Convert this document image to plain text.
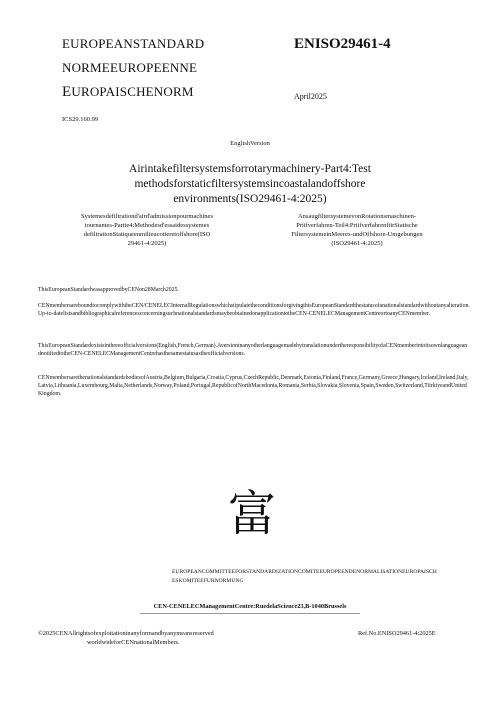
EUROPEANSTANDARD
NORMEEUROPEENNE
EUROPAISCHENORM
ENISO29461-4
April2025
ICS29.160.99
EnglishVersion
Airintakefiltersystemsforrotarymachinery-Part4:Test
methodsforstaticfiltersystemsincoastalandoffshore
environments(ISO29461-4:2025)
Systemesdefiltrationd'aird'admissionpourmachines
tournantes-Partie4:Methodesd'essaidessystemes
defiltrationStatiqueenmilieucotieretoffshore(ISO
29461-4:2025)
AnsaugfiltersystemevonRotationsmaschinen-
Priifverfahren-Teil4:PriifverfahrenfiirStatische
FiltersystemeinMeeres-undOffshore-Umgebungen
(ISO29461-4:2025)
ThisEuropeanStandardwasapprovedbyCENon28March2025.
CENmembersareboundtocomplywiththeCEN/CENELECInternalRegulationswhichstipulatetheconditionsforgivingthisEuropeanStandardthestatusofanationalstandardwithoutanyalteration.Up-to-datelistsandbibliographicalreferencesconcerningsuchnationalstandardsmaybeobtainedonapplicationtotheCEN-CENELECManagementCentreortoanyCENmember.
ThisEuropeanStandardexistsinthreeofficialversions(English,French,German).AversioninanyotherlanguagemadebytranslationundertheresponsibilityofaCENmemberintoitsownlanguageandnotifiedtotheCEN-CENELECManagementCentrehasthesamestatusastheofficialversions.
CENmembersarethenationalstandardsbodiesofAustria,Belgium,Bulgaria,Croatia,Cyprus,CzechRepublic,Denmark,Estonia,Finland,France,Germany,Greece,Hungary,Iceland,Ireland,Italy,Latvia,Lithuania,Luxembourg,Malta,Netherlands,Norway,Poland,Portugal,RepublicofNorthMacedonia,Romania,Serbia,Slovakia,Slovenia,Spain,Sweden,Switzerland,TiirkiyeandUnitedKingdom.
富
EUROPEANCOMMITTEEFORSTANDARDIZATIONCOMITEEUROPEENDENORMALISATIONEUROPAISCH
ESKOMITEEFURNORMUNG
CEN-CENELECManagementCentre:RuedelaScience23,B-1040Brussels
©2025CENAllrightsofexploitationinanyformandbyanymeansreserved
worldwideforCENnationalMembers.
Ref.No.ENISO29461-4:2025E
